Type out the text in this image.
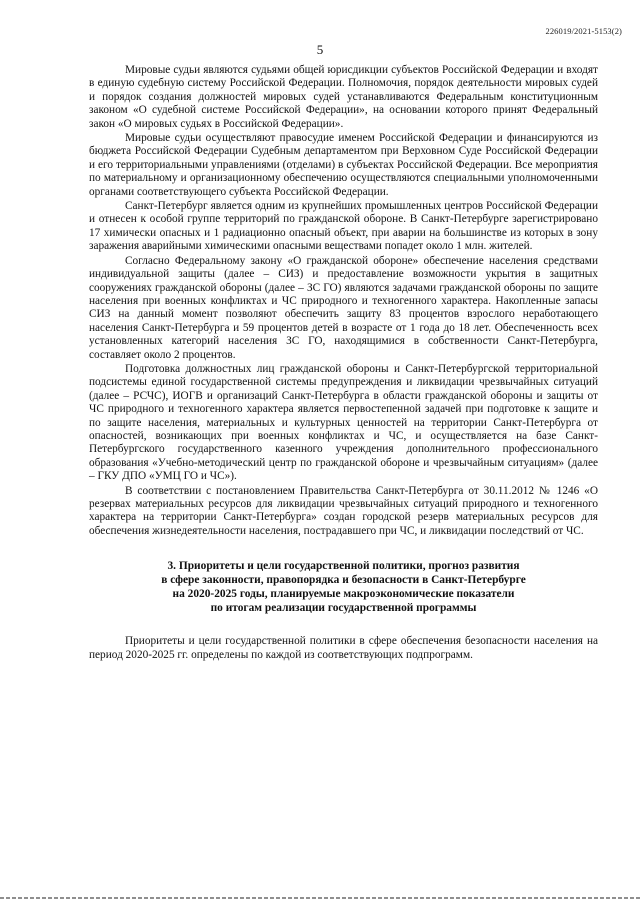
226019/2021-5153(2)
5

Мировые судьи являются судьями общей юрисдикции субъектов Российской Федерации и входят в единую судебную систему Российской Федерации. Полномочия, порядок деятельности мировых судей и порядок создания должностей мировых судей устанавливаются Федеральным конституционным законом «О судебной системе Российской Федерации», на основании которого принят Федеральный закон «О мировых судьях в Российской Федерации».

Мировые судьи осуществляют правосудие именем Российской Федерации и финансируются из бюджета Российской Федерации Судебным департаментом при Верховном Суде Российской Федерации и его территориальными управлениями (отделами) в субъектах Российской Федерации. Все мероприятия по материальному и организационному обеспечению осуществляются специальными уполномоченными органами соответствующего субъекта Российской Федерации.

Санкт-Петербург является одним из крупнейших промышленных центров Российской Федерации и отнесен к особой группе территорий по гражданской обороне. В Санкт-Петербурге зарегистрировано 17 химически опасных и 1 радиационно опасный объект, при аварии на большинстве из которых в зону заражения аварийными химическими опасными веществами попадет около 1 млн. жителей.

Согласно Федеральному закону «О гражданской обороне» обеспечение населения средствами индивидуальной защиты (далее – СИЗ) и предоставление возможности укрытия в защитных сооружениях гражданской обороны (далее – ЗС ГО) являются задачами гражданской обороны по защите населения при военных конфликтах и ЧС природного и техногенного характера. Накопленные запасы СИЗ на данный момент позволяют обеспечить защиту 83 процентов взрослого неработающего населения Санкт-Петербурга и 59 процентов детей в возрасте от 1 года до 18 лет. Обеспеченность всех установленных категорий населения ЗС ГО, находящимися в собственности Санкт-Петербурга, составляет около 2 процентов.

Подготовка должностных лиц гражданской обороны и Санкт-Петербургской территориальной подсистемы единой государственной системы предупреждения и ликвидации чрезвычайных ситуаций (далее – РСЧС), ИОГВ и организаций Санкт-Петербурга в области гражданской обороны и защиты от ЧС природного и техногенного характера является первостепенной задачей при подготовке к защите и по защите населения, материальных и культурных ценностей на территории Санкт-Петербурга от опасностей, возникающих при военных конфликтах и ЧС, и осуществляется на базе Санкт-Петербургского государственного казенного учреждения дополнительного профессионального образования «Учебно-методический центр по гражданской обороне и чрезвычайным ситуациям» (далее – ГКУ ДПО «УМЦ ГО и ЧС»).

В соответствии с постановлением Правительства Санкт-Петербурга от 30.11.2012 № 1246 «О резервах материальных ресурсов для ликвидации чрезвычайных ситуаций природного и техногенного характера на территории Санкт-Петербурга» создан городской резерв материальных ресурсов для обеспечения жизнедеятельности населения, пострадавшего при ЧС, и ликвидации последствий от ЧС.

3. Приоритеты и цели государственной политики, прогноз развития
в сфере законности, правопорядка и безопасности в Санкт-Петербурге
на 2020-2025 годы, планируемые макроэкономические показатели
по итогам реализации государственной программы

Приоритеты и цели государственной политики в сфере обеспечения безопасности населения на период 2020-2025 гг. определены по каждой из соответствующих подпрограмм.
